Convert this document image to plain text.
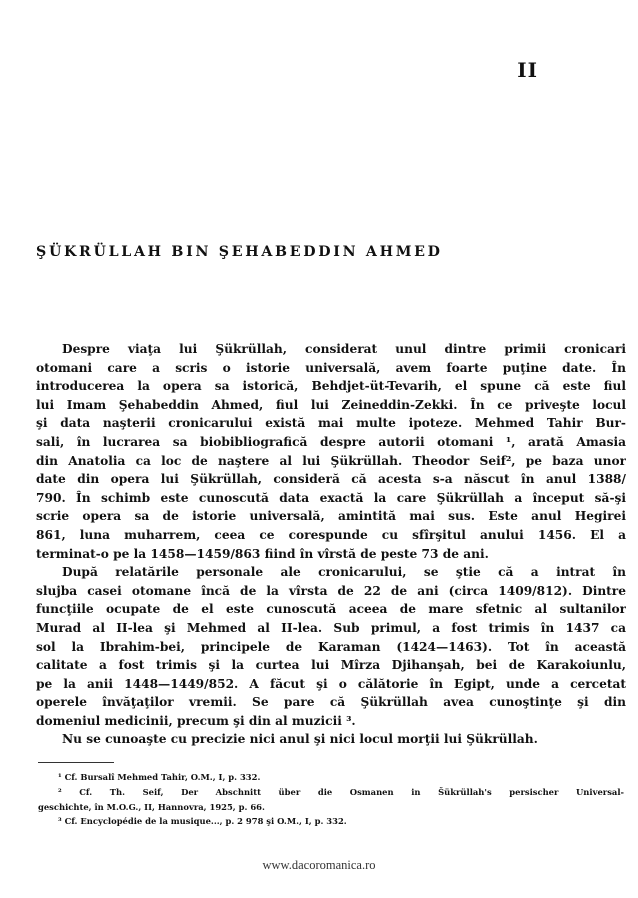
II
ŞÜKRÜLLAH BIN ŞEHABEDDIN AHMED
Despre viaţa lui Şükrüllah, considerat unul dintre primii cronicari
otomani care a scris o istorie universală, avem foarte puţine date. În
introducerea la opera sa istorică, Behdjet-üt-Tevarih, el spune că este fiul
lui Imam Şehabeddin Ahmed, fiul lui Zeineddin-Zekki. În ce priveşte locul
şi data naşterii cronicarului există mai multe ipoteze. Mehmed Tahir Bur-
sali, în lucrarea sa biobibliografică despre autorii otomani ¹, arată Amasia
din Anatolia ca loc de naştere al lui Şükrüllah. Theodor Seif², pe baza unor
date din opera lui Şükrüllah, consideră că acesta s-a născut în anul 1388/
790. În schimb este cunoscută data exactă la care Şükrüllah a început să-şi
scrie opera sa de istorie universală, amintită mai sus. Este anul Hegirei
861, luna muharrem, ceea ce corespunde cu sfîrşitul anului 1456. El a
terminat-o pe la 1458—1459/863 fiind în vîrstă de peste 73 de ani.
După relatările personale ale cronicarului, se ştie că a intrat în
slujba casei otomane încă de la vîrsta de 22 de ani (circa 1409/812). Dintre
funcţiile ocupate de el este cunoscută aceea de mare sfetnic al sultanilor
Murad al II-lea şi Mehmed al II-lea. Sub primul, a fost trimis în 1437 ca
sol la Ibrahim-bei, principele de Karaman (1424—1463). Tot în această
calitate a fost trimis şi la curtea lui Mîrza Djihanşah, bei de Karakoiunlu,
pe la anii 1448—1449/852. A făcut şi o călătorie în Egipt, unde a cercetat
operele învăţaţilor vremii. Se pare că Şükrüllah avea cunoştinţe şi din
domeniul medicinii, precum şi din al muzicii ³.
Nu se cunoaşte cu precizie nici anul şi nici locul morţii lui Şükrüllah.
¹ Cf. Bursalî Mehmed Tahir, O.M., I, p. 332.
² Cf. Th. Seif, Der Abschnitt über die Osmanen in Šükrüllah's persischer Universal-
geschichte, în M.O.G., II, Hannovra, 1925, p. 66.
³ Cf. Encyclopédie de la musique..., p. 2 978 şi O.M., I, p. 332.
www.dacoromanica.ro
